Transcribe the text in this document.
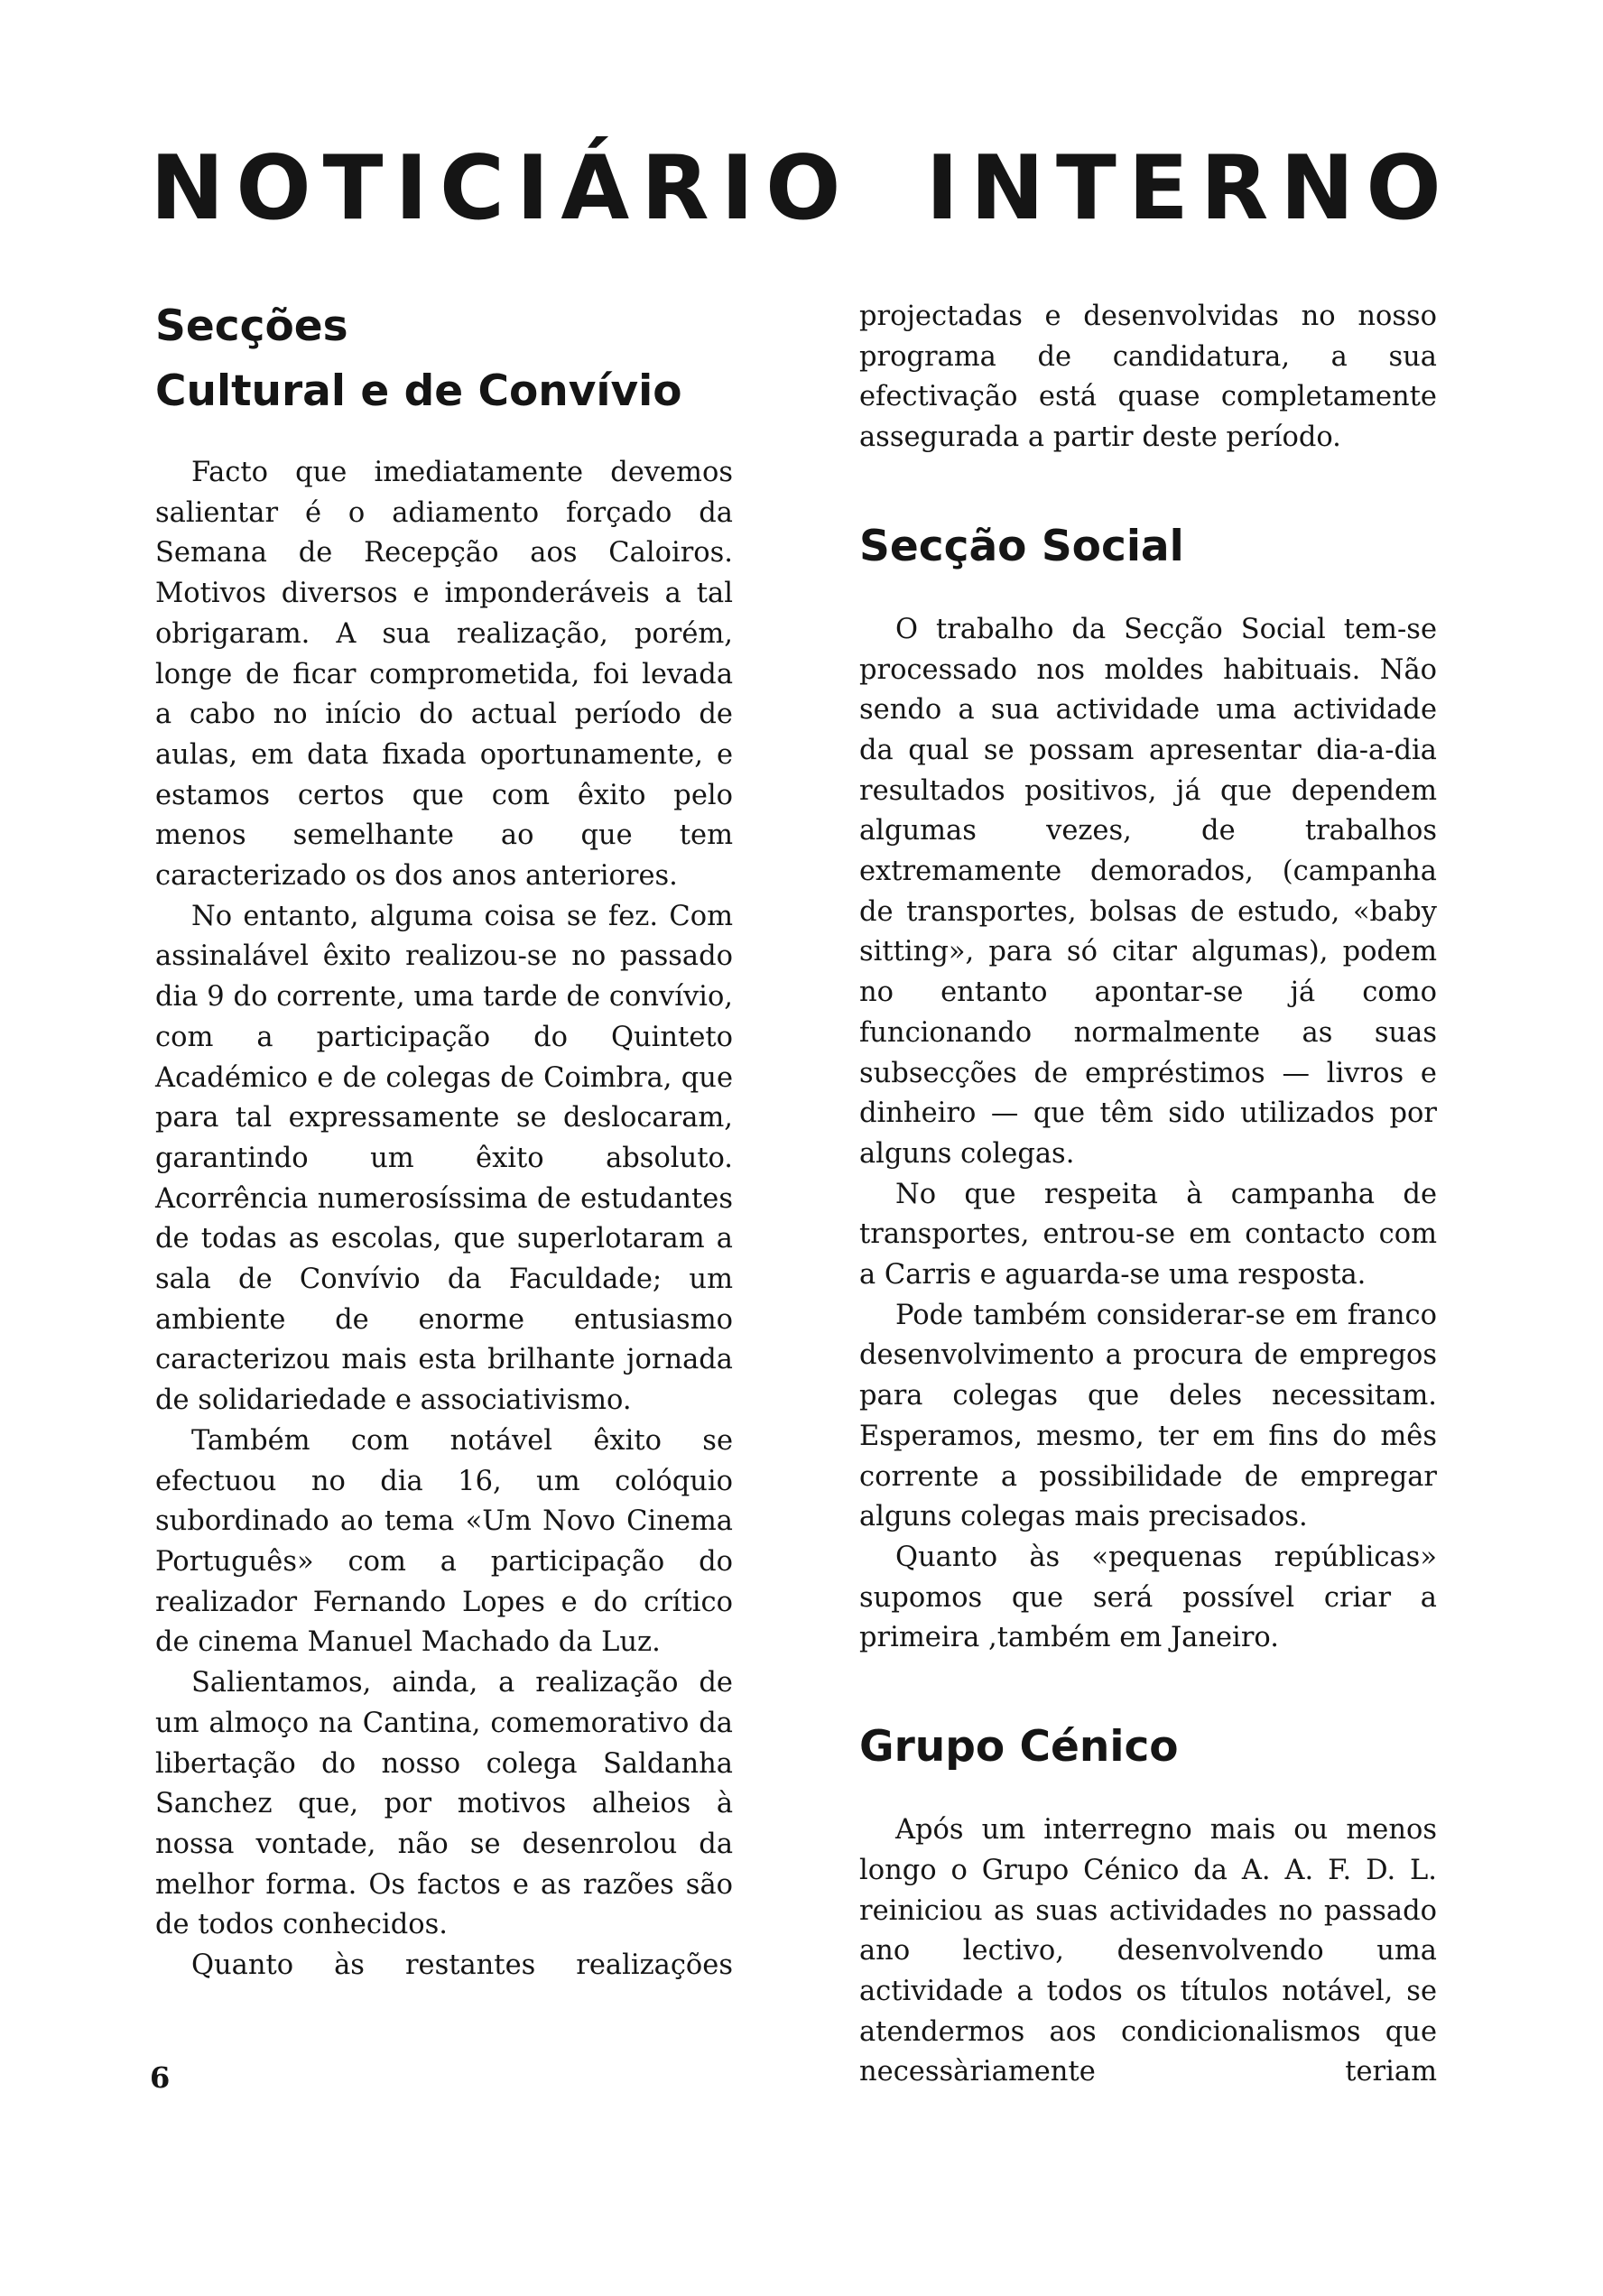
NOTICIÁRIO INTERNO
Secções
Cultural e de Convívio

Facto que imediatamente devemos salientar é o adiamento forçado da Semana de Recepção aos Caloiros. Motivos diversos e imponderáveis a tal obrigaram. A sua realização, porém, longe de ficar comprometida, foi levada a cabo no início do actual período de aulas, em data fixada oportunamente, e estamos certos que com êxito pelo menos semelhante ao que tem caracterizado os dos anos anteriores.

No entanto, alguma coisa se fez. Com assinalável êxito realizou-se no passado dia 9 do corrente, uma tarde de convívio, com a participação do Quinteto Académico e de colegas de Coimbra, que para tal expressamente se deslocaram, garantindo um êxito absoluto. Acorrência numerosíssima de estudantes de todas as escolas, que superlotaram a sala de Convívio da Faculdade; um ambiente de enorme entusiasmo caracterizou mais esta brilhante jornada de solidariedade e associativismo.

Também com notável êxito se efectuou no dia 16, um colóquio subordinado ao tema «Um Novo Cinema Português» com a participação do realizador Fernando Lopes e do crítico de cinema Manuel Machado da Luz.

Salientamos, ainda, a realização de um almoço na Cantina, comemorativo da libertação do nosso colega Saldanha Sanchez que, por motivos alheios à nossa vontade, não se desenrolou da melhor forma. Os factos e as razões são de todos conhecidos.

Quanto às restantes realizações

projectadas e desenvolvidas no nosso programa de candidatura, a sua efectivação está quase completamente assegurada a partir deste período.

Secção Social

O trabalho da Secção Social tem-se processado nos moldes habituais. Não sendo a sua actividade uma actividade da qual se possam apresentar dia-a-dia resultados positivos, já que dependem algumas vezes, de trabalhos extremamente demorados, (campanha de transportes, bolsas de estudo, «baby sitting», para só citar algumas), podem no entanto apontar-se já como funcionando normalmente as suas subsecções de empréstimos — livros e dinheiro — que têm sido utilizados por alguns colegas.

No que respeita à campanha de transportes, entrou-se em contacto com a Carris e aguarda-se uma resposta.

Pode também considerar-se em franco desenvolvimento a procura de empregos para colegas que deles necessitam. Esperamos, mesmo, ter em fins do mês corrente a possibilidade de empregar alguns colegas mais precisados.

Quanto às «pequenas repúblicas» supomos que será possível criar a primeira ,também em Janeiro.

Grupo Cénico

Após um interregno mais ou menos longo o Grupo Cénico da A. A. F. D. L. reiniciou as suas actividades no passado ano lectivo, desenvolvendo uma actividade a todos os títulos notável, se atendermos aos condicionalismos que necessàriamente teriam

6
